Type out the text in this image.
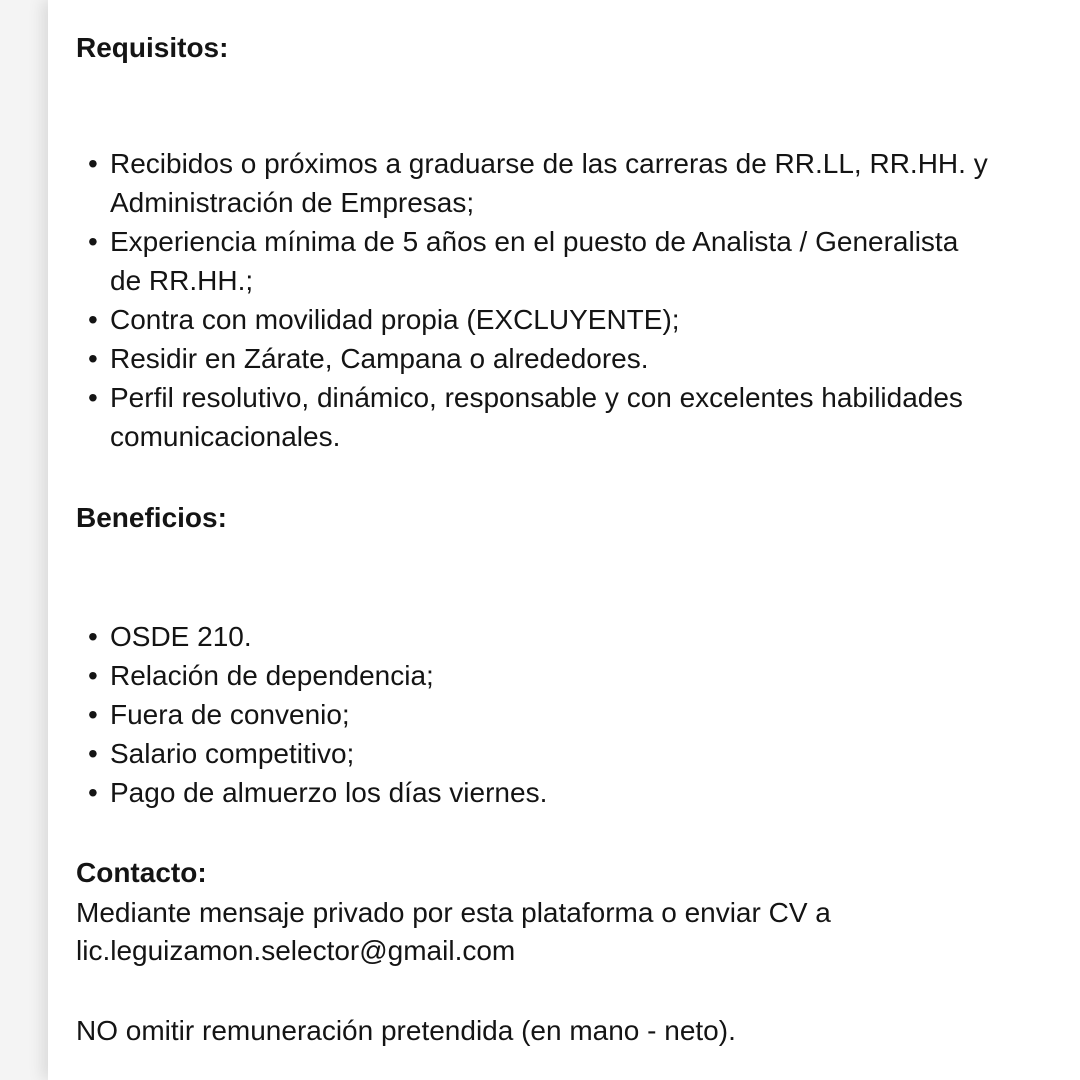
Requisitos:
• Recibidos o próximos a graduarse de las carreras de RR.LL, RR.HH. y Administración de Empresas;
• Experiencia mínima de 5 años en el puesto de Analista / Generalista de RR.HH.;
• Contra con movilidad propia (EXCLUYENTE);
• Residir en Zárate, Campana o alrededores.
• Perfil resolutivo, dinámico, responsable y con excelentes habilidades comunicacionales.
Beneficios:
• OSDE 210.
• Relación de dependencia;
• Fuera de convenio;
• Salario competitivo;
• Pago de almuerzo los días viernes.
Contacto:
Mediante mensaje privado por esta plataforma o enviar CV a
lic.leguizamon.selector@gmail.com
NO omitir remuneración pretendida (en mano - neto).
